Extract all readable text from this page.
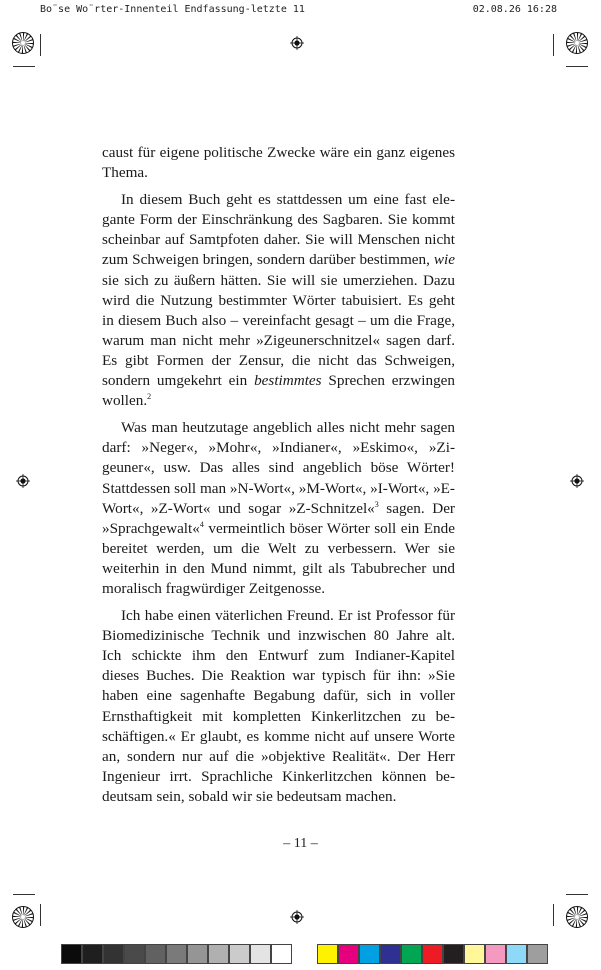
Bo¨se Wo¨rter-Innenteil Endfassung-letzte 11	02.08.26 16:28

caust für eigene politische Zwecke wäre ein ganz eigenes Thema.

In diesem Buch geht es stattdessen um eine fast elegante Form der Einschränkung des Sagbaren. Sie kommt scheinbar auf Samtpfoten daher. Sie will Menschen nicht zum Schweigen bringen, sondern darüber bestimmen, wie sie sich zu äußern hätten. Sie will sie umerziehen. Dazu wird die Nutzung bestimmter Wörter tabuisiert. Es geht in diesem Buch also – vereinfacht gesagt – um die Frage, warum man nicht mehr »Zigeunerschnitzel« sagen darf. Es gibt Formen der Zensur, die nicht das Schweigen, sondern umgekehrt ein bestimmtes Sprechen erzwingen wollen.$^2$

Was man heutzutage angeblich alles nicht mehr sagen darf: »Neger«, »Mohr«, »Indianer«, »Eskimo«, »Zigeuner«, usw. Das alles sind angeblich böse Wörter! Stattdessen soll man »N-Wort«, »M-Wort«, »I-Wort«, »E-Wort«, »Z-Wort« und sogar »Z-Schnitzel«$^3$ sagen. Der »Sprachgewalt«$^4$ vermeintlich böser Wörter soll ein Ende bereitet werden, um die Welt zu verbessern. Wer sie weiterhin in den Mund nimmt, gilt als Tabubrecher und moralisch fragwürdiger Zeitgenosse.

Ich habe einen väterlichen Freund. Er ist Professor für Biomedizinische Technik und inzwischen 80 Jahre alt. Ich schickte ihm den Entwurf zum Indianer-Kapitel dieses Buches. Die Reaktion war typisch für ihn: »Sie haben eine sagenhafte Begabung dafür, sich in voller Ernsthaftigkeit mit kompletten Kinkerlitzchen zu beschäftigen.« Er glaubt, es komme nicht auf unsere Worte an, sondern nur auf die »objektive Realität«. Der Herr Ingenieur irrt. Sprachliche Kinkerlitzchen können bedeutsam sein, sobald wir sie bedeutsam machen.

– 11 –
